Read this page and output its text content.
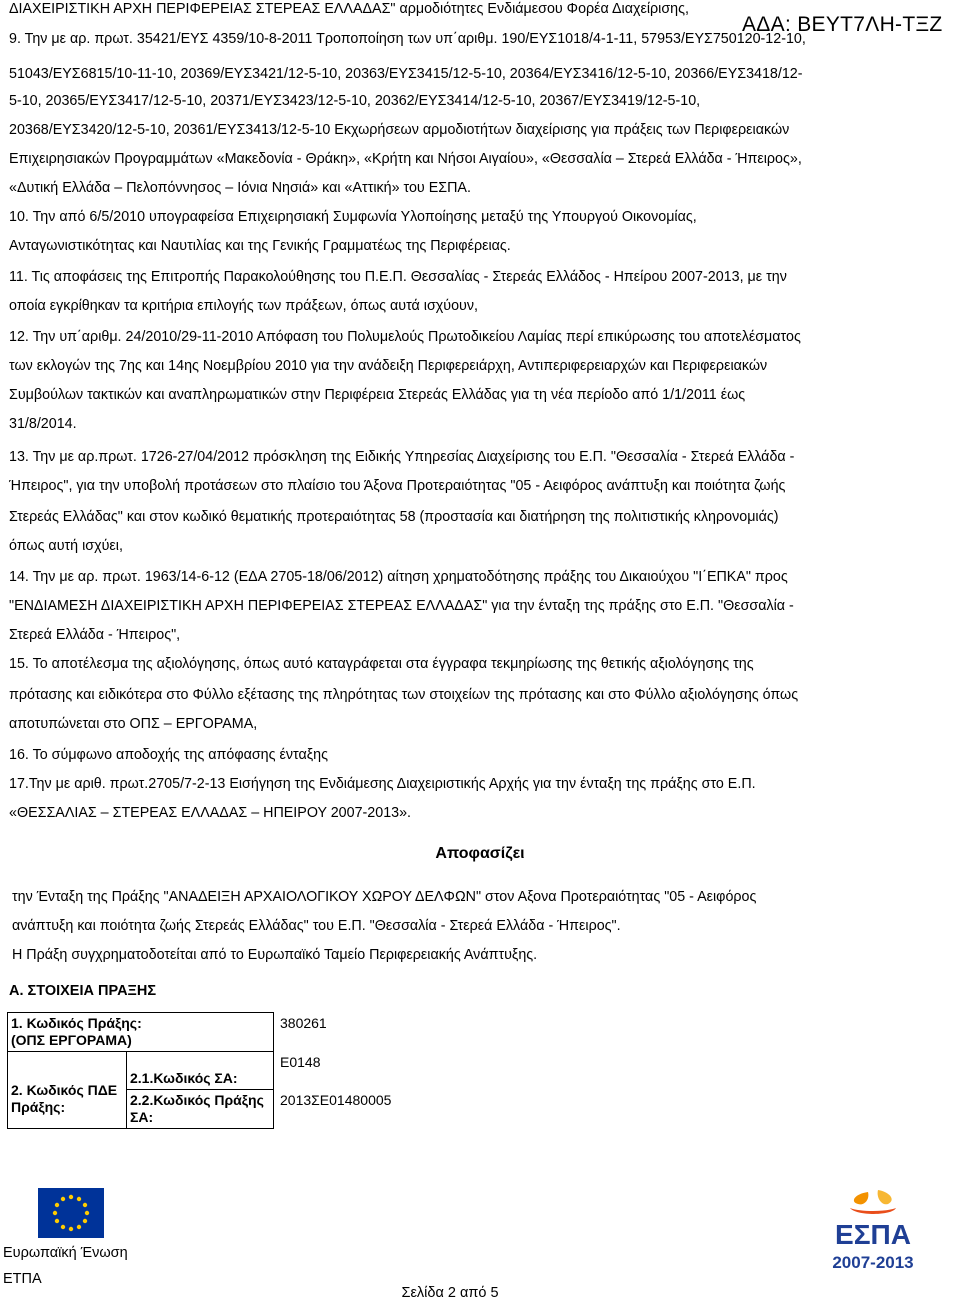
ΔΙΑΧΕΙΡΙΣΤΙΚΗ ΑΡΧΗ ΠΕΡΙΦΕΡΕΙΑΣ ΣΤΕΡΕΑΣ ΕΛΛΑΔΑΣ" αρμοδιότητες Ενδιάμεσου Φορέα Διαχείρισης,
9. Την με αρ. πρωτ. 35421/ΕΥΣ 4359/10-8-2011 Τροποποίηση των υπ΄αριθμ. 190/ΕΥΣ1018/4-1-11, 57953/ΕΥΣ750120-12-10,
ΑΔΑ: ΒΕΥΤ7ΛΗ-ΤΞΖ
51043/ΕΥΣ6815/10-11-10, 20369/ΕΥΣ3421/12-5-10, 20363/ΕΥΣ3415/12-5-10, 20364/ΕΥΣ3416/12-5-10, 20366/ΕΥΣ3418/12-
5-10, 20365/ΕΥΣ3417/12-5-10, 20371/ΕΥΣ3423/12-5-10, 20362/ΕΥΣ3414/12-5-10, 20367/ΕΥΣ3419/12-5-10,
20368/ΕΥΣ3420/12-5-10, 20361/ΕΥΣ3413/12-5-10 Εκχωρήσεων αρμοδιοτήτων διαχείρισης για πράξεις των Περιφερειακών
Επιχειρησιακών Προγραμμάτων «Μακεδονία - Θράκη», «Κρήτη και Νήσοι Αιγαίου», «Θεσσαλία – Στερεά Ελλάδα - Ήπειρος»,
«Δυτική Ελλάδα – Πελοπόννησος – Ιόνια Νησιά» και «Αττική» του ΕΣΠΑ.
10. Την από 6/5/2010 υπογραφείσα Επιχειρησιακή Συμφωνία Υλοποίησης μεταξύ της Υπουργού Οικονομίας,
Ανταγωνιστικότητας και Ναυτιλίας και της Γενικής Γραμματέως της Περιφέρειας.
11. Τις αποφάσεις της Επιτροπής Παρακολούθησης του Π.Ε.Π. Θεσσαλίας - Στερεάς Ελλάδος - Ηπείρου 2007-2013, με την
οποία εγκρίθηκαν τα κριτήρια επιλογής των πράξεων, όπως αυτά ισχύουν,
12. Την υπ΄αριθμ. 24/2010/29-11-2010 Απόφαση του Πολυμελούς Πρωτοδικείου Λαμίας περί επικύρωσης του αποτελέσματος
των εκλογών της 7ης και 14ης Νοεμβρίου 2010 για την ανάδειξη Περιφερειάρχη, Αντιπεριφερειαρχών και Περιφερειακών
Συμβούλων τακτικών και αναπληρωματικών στην Περιφέρεια Στερεάς Ελλάδας για τη νέα περίοδο από 1/1/2011 έως
31/8/2014.
13. Την με αρ.πρωτ. 1726-27/04/2012 πρόσκληση της Ειδικής Υπηρεσίας Διαχείρισης του Ε.Π. "Θεσσαλία - Στερεά Ελλάδα -
Ήπειρος", για την υποβολή προτάσεων στο πλαίσιο του Άξονα Προτεραιότητας "05 - Αειφόρος ανάπτυξη και ποιότητα ζωής
Στερεάς Ελλάδας" και στον κωδικό θεματικής προτεραιότητας 58 (προστασία και διατήρηση της πολιτιστικής κληρονομιάς)
όπως αυτή ισχύει,
14. Την με αρ. πρωτ. 1963/14-6-12 (ΕΔΑ 2705-18/06/2012) αίτηση χρηματοδότησης πράξης του Δικαιούχου "Ι΄ΕΠΚΑ" προς
"ΕΝΔΙΑΜΕΣΗ ΔΙΑΧΕΙΡΙΣΤΙΚΗ ΑΡΧΗ ΠΕΡΙΦΕΡΕΙΑΣ ΣΤΕΡΕΑΣ ΕΛΛΑΔΑΣ" για την ένταξη της πράξης στο Ε.Π. "Θεσσαλία -
Στερεά Ελλάδα - Ήπειρος",
15. Το αποτέλεσμα της αξιολόγησης, όπως αυτό καταγράφεται στα έγγραφα τεκμηρίωσης της θετικής αξιολόγησης της
πρότασης και ειδικότερα στο Φύλλο εξέτασης της πληρότητας των στοιχείων της πρότασης και στο Φύλλο αξιολόγησης όπως
αποτυπώνεται στο ΟΠΣ – ΕΡΓΟΡΑΜΑ,
16. Το σύμφωνο αποδοχής της απόφασης ένταξης
17.Την με αριθ. πρωτ.2705/7-2-13 Εισήγηση της Ενδιάμεσης Διαχειριστικής Αρχής για την ένταξη της πράξης στο Ε.Π.
«ΘΕΣΣΑΛΙΑΣ – ΣΤΕΡΕΑΣ ΕΛΛΑΔΑΣ – ΗΠΕΙΡΟΥ 2007-2013».
Αποφασίζει
την Ένταξη της Πράξης "ΑΝΑΔΕΙΞΗ ΑΡΧΑΙΟΛΟΓΙΚΟΥ ΧΩΡΟΥ ΔΕΛΦΩΝ" στον Αξονα Προτεραιότητας "05 - Αειφόρος
ανάπτυξη και ποιότητα ζωής Στερεάς Ελλάδας" του Ε.Π. "Θεσσαλία - Στερεά Ελλάδα - Ήπειρος".
Η Πράξη συγχρηματοδοτείται από το Ευρωπαϊκό Ταμείο Περιφερειακής Ανάπτυξης.
Α. ΣΤΟΙΧΕΙΑ ΠΡΑΞΗΣ
1. Κωδικός Πράξης: (ΟΠΣ ΕΡΓΟΡΑΜΑ)		380261

2. Κωδικός ΠΔΕ Πράξης:	2.1.Κωδικός ΣΑ:	Ε0148

	2.2.Κωδικός Πράξης ΣΑ:	2013ΣΕ01480005
Ευρωπαϊκή Ένωση
ΕΤΠΑ
ΕΣΠΑ
2007-2013
Σελίδα 2 από 5
